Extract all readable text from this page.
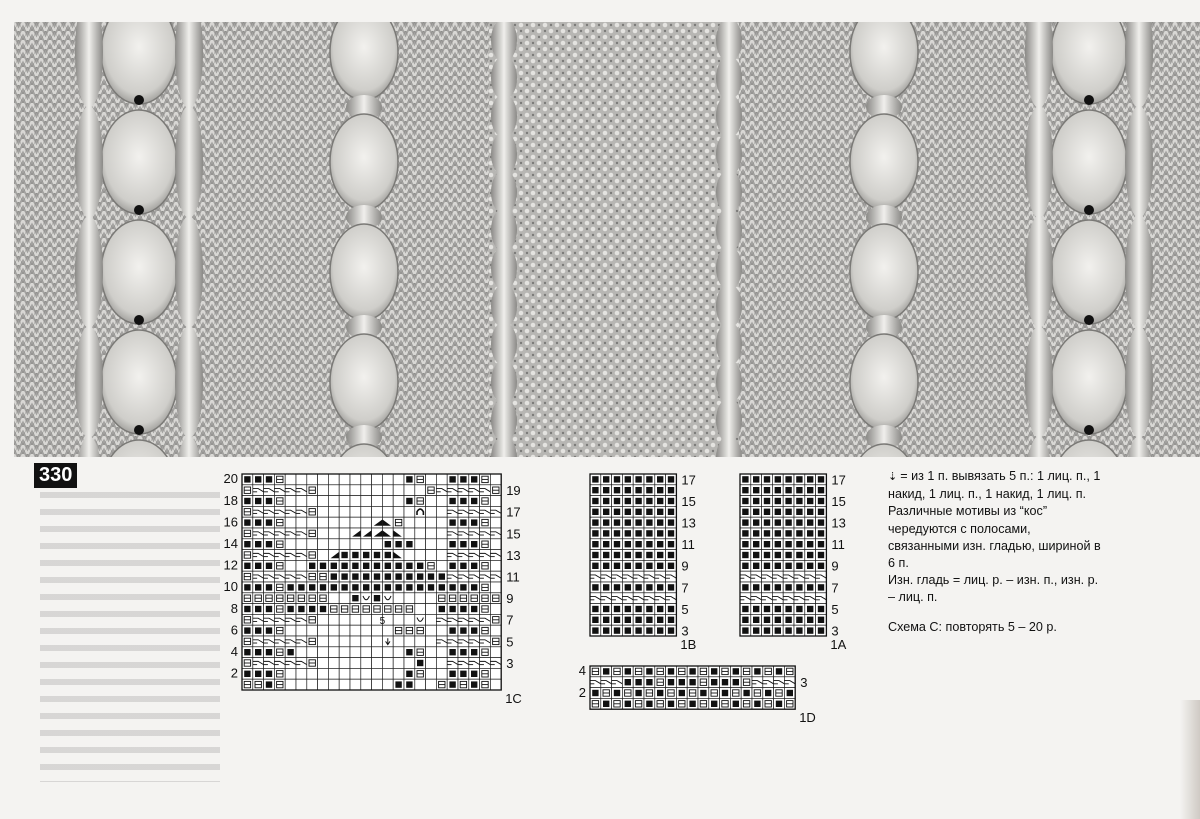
330	20
18
16
14
12
10
8
6
4
2
19
17
15
13
11
9
7
5
3
5
1C
17
15
13
11
9
7
5
3
1B
17
15
13
11
9
7
5
3
1A
4
2
3
1D

⇣ = из 1 п. вывязать 5 п.: 1 лиц. п., 1 накид, 1 лиц. п., 1 накид, 1 лиц. п.

Различные мотивы из “кос” чередуются с полосами, связанными изн. гладью, шириной в 6 п.

Изн. гладь = лиц. р. – изн. п., изн. р. – лиц. п.

Схема С: повторять 5 – 20 р.
